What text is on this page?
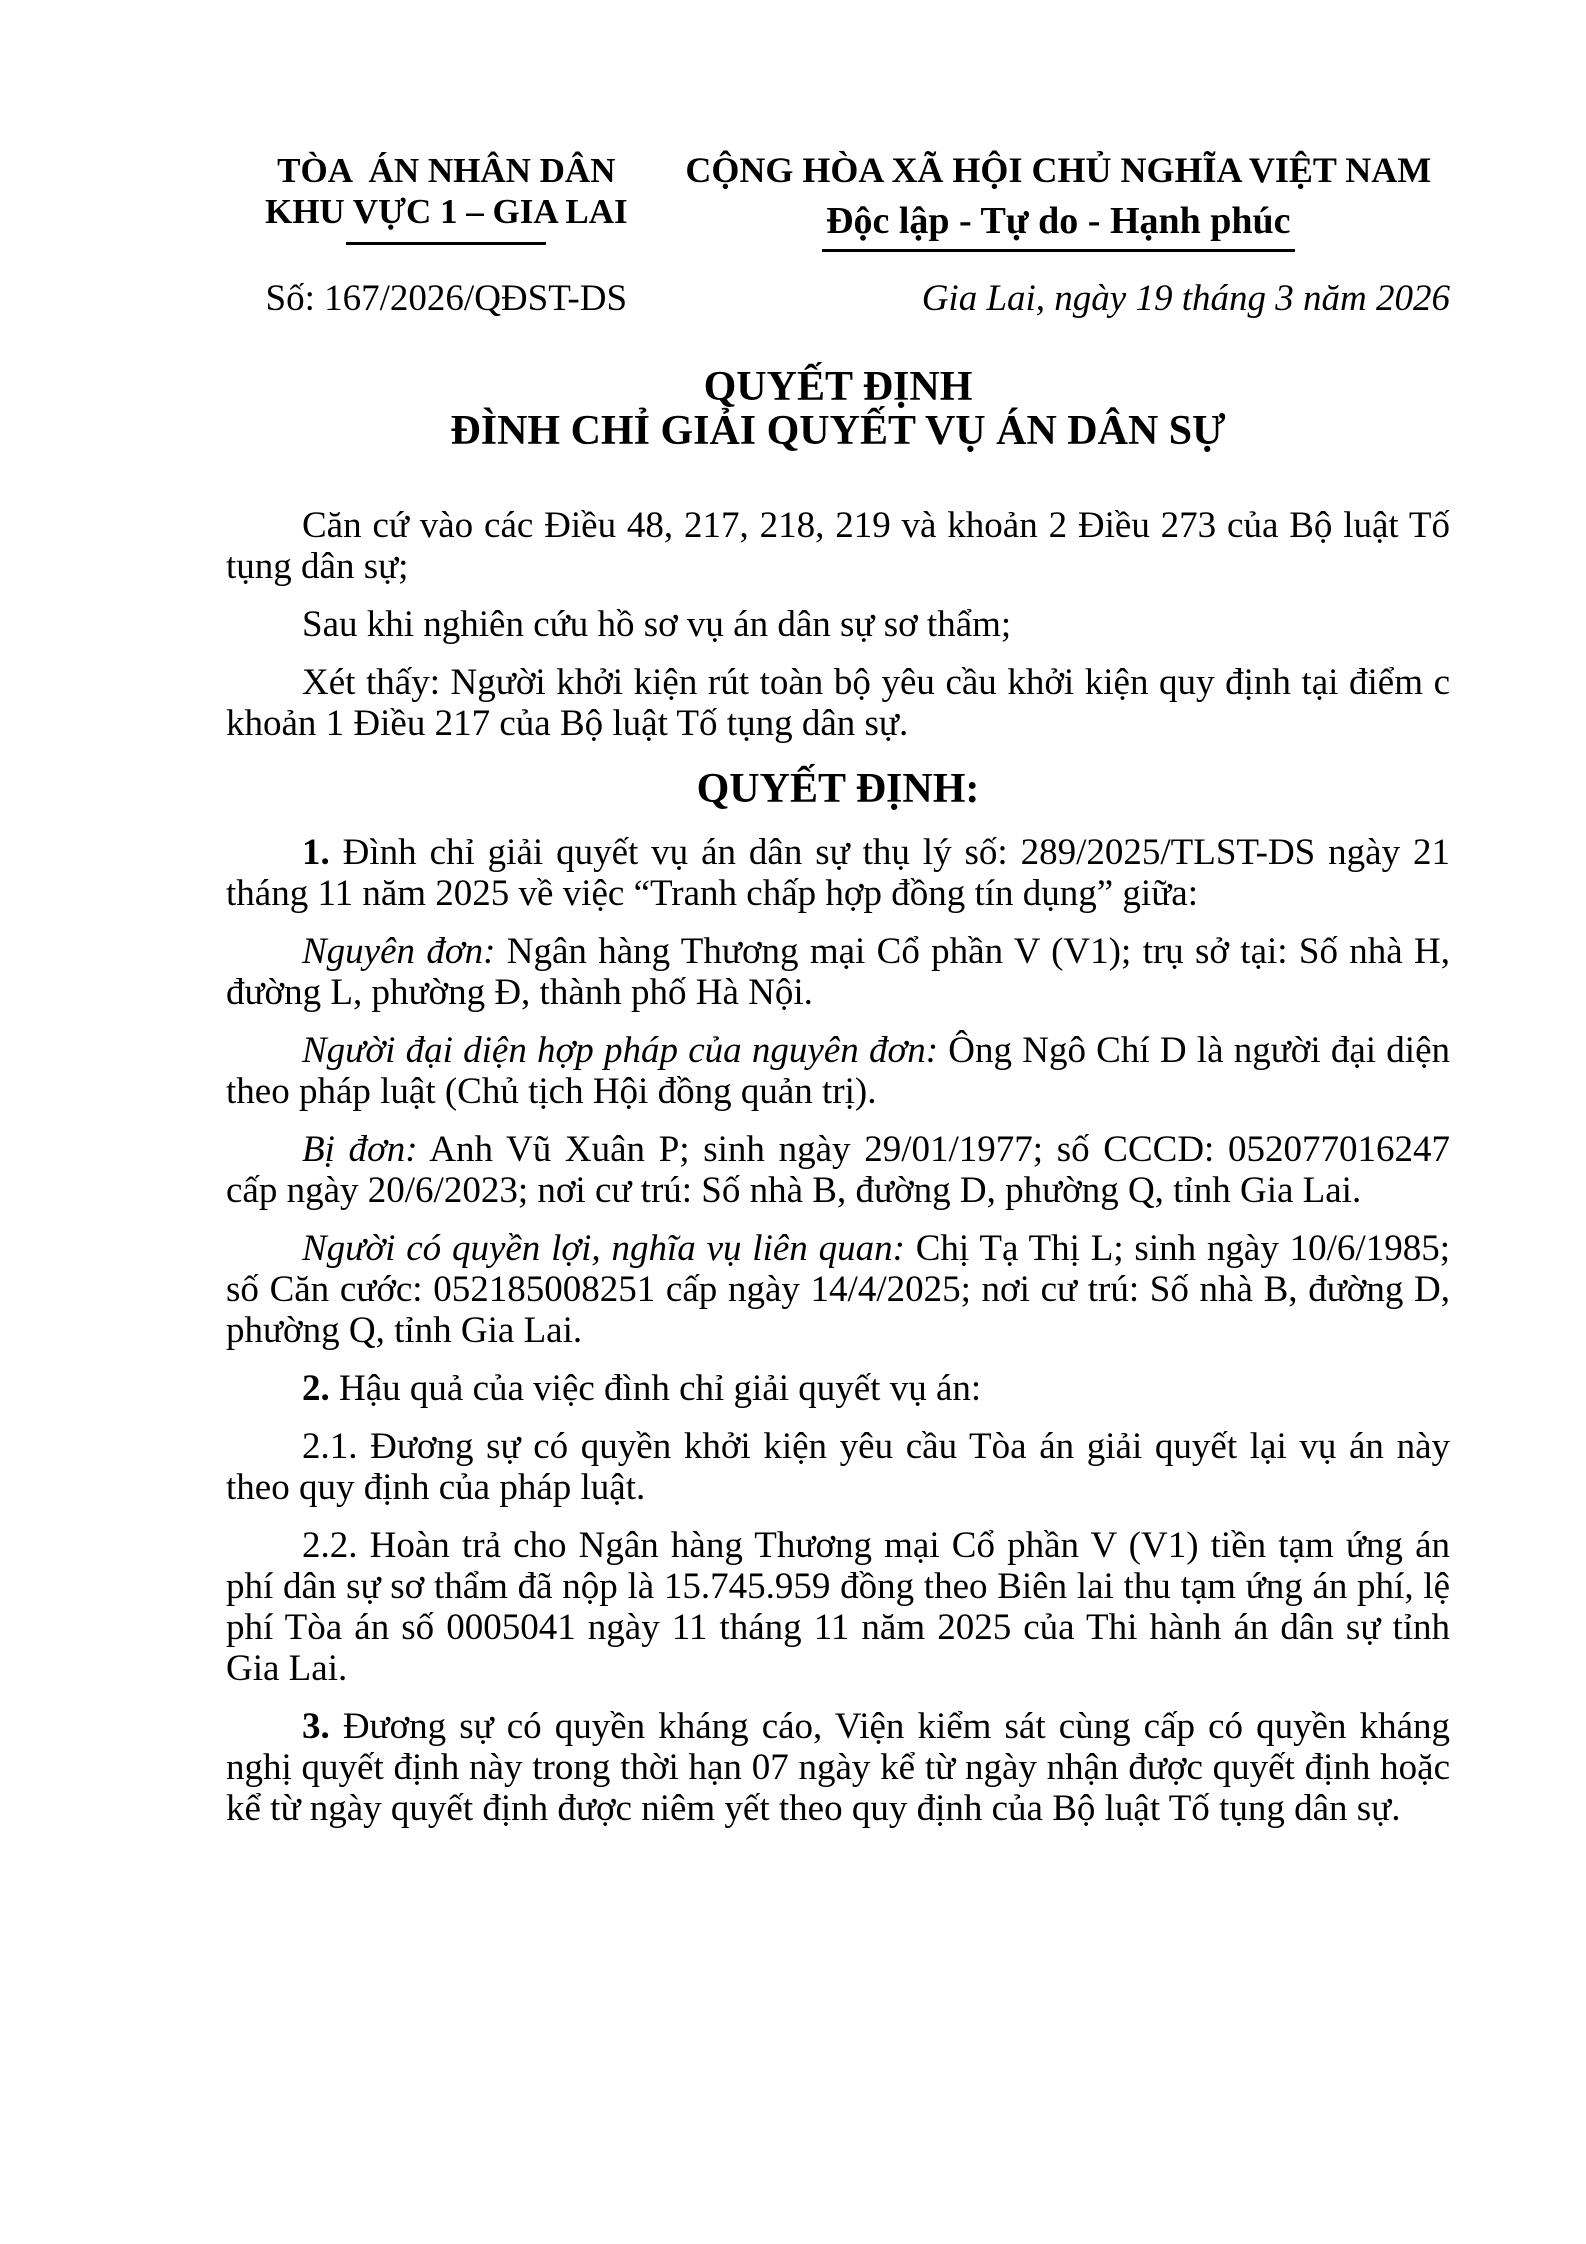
TÒA  ÁN NHÂN DÂN
KHU VỰC 1 – GIA LAI
CỘNG HÒA XÃ HỘI CHỦ NGHĨA VIỆT NAM
Độc lập - Tự do - Hạnh phúc
Số: 167/2026/QĐST-DS	Gia Lai, ngày 19 tháng 3 năm 2026
QUYẾT ĐỊNH
ĐÌNH CHỈ GIẢI QUYẾT VỤ ÁN DÂN SỰ

Căn cứ vào các Điều 48, 217, 218, 219 và khoản 2 Điều 273 của Bộ luật Tố tụng dân sự;

Sau khi nghiên cứu hồ sơ vụ án dân sự sơ thẩm;

Xét thấy: Người khởi kiện rút toàn bộ yêu cầu khởi kiện quy định tại điểm c khoản 1 Điều 217 của Bộ luật Tố tụng dân sự.

QUYẾT ĐỊNH:

1. Đình chỉ giải quyết vụ án dân sự thụ lý số: 289/2025/TLST-DS ngày 21 tháng 11 năm 2025 về việc “Tranh chấp hợp đồng tín dụng” giữa:

Nguyên đơn: Ngân hàng Thương mại Cổ phần V (V1); trụ sở tại: Số nhà H, đường L, phường Đ, thành phố Hà Nội.

Người đại diện hợp pháp của nguyên đơn: Ông Ngô Chí D là người đại diện theo pháp luật (Chủ tịch Hội đồng quản trị).

Bị đơn: Anh Vũ Xuân P; sinh ngày 29/01/1977; số CCCD: 052077016247 cấp ngày 20/6/2023; nơi cư trú: Số nhà B, đường D, phường Q, tỉnh Gia Lai.

Người có quyền lợi, nghĩa vụ liên quan: Chị Tạ Thị L; sinh ngày 10/6/1985; số Căn cước: 052185008251 cấp ngày 14/4/2025; nơi cư trú: Số nhà B, đường D, phường Q, tỉnh Gia Lai.

2. Hậu quả của việc đình chỉ giải quyết vụ án:

2.1. Đương sự có quyền khởi kiện yêu cầu Tòa án giải quyết lại vụ án này theo quy định của pháp luật.

2.2. Hoàn trả cho Ngân hàng Thương mại Cổ phần V (V1) tiền tạm ứng án phí dân sự sơ thẩm đã nộp là 15.745.959 đồng theo Biên lai thu tạm ứng án phí, lệ phí Tòa án số 0005041 ngày 11 tháng 11 năm 2025 của Thi hành án dân sự tỉnh Gia Lai.

3. Đương sự có quyền kháng cáo, Viện kiểm sát cùng cấp có quyền kháng nghị quyết định này trong thời hạn 07 ngày kể từ ngày nhận được quyết định hoặc kể từ ngày quyết định được niêm yết theo quy định của Bộ luật Tố tụng dân sự.
